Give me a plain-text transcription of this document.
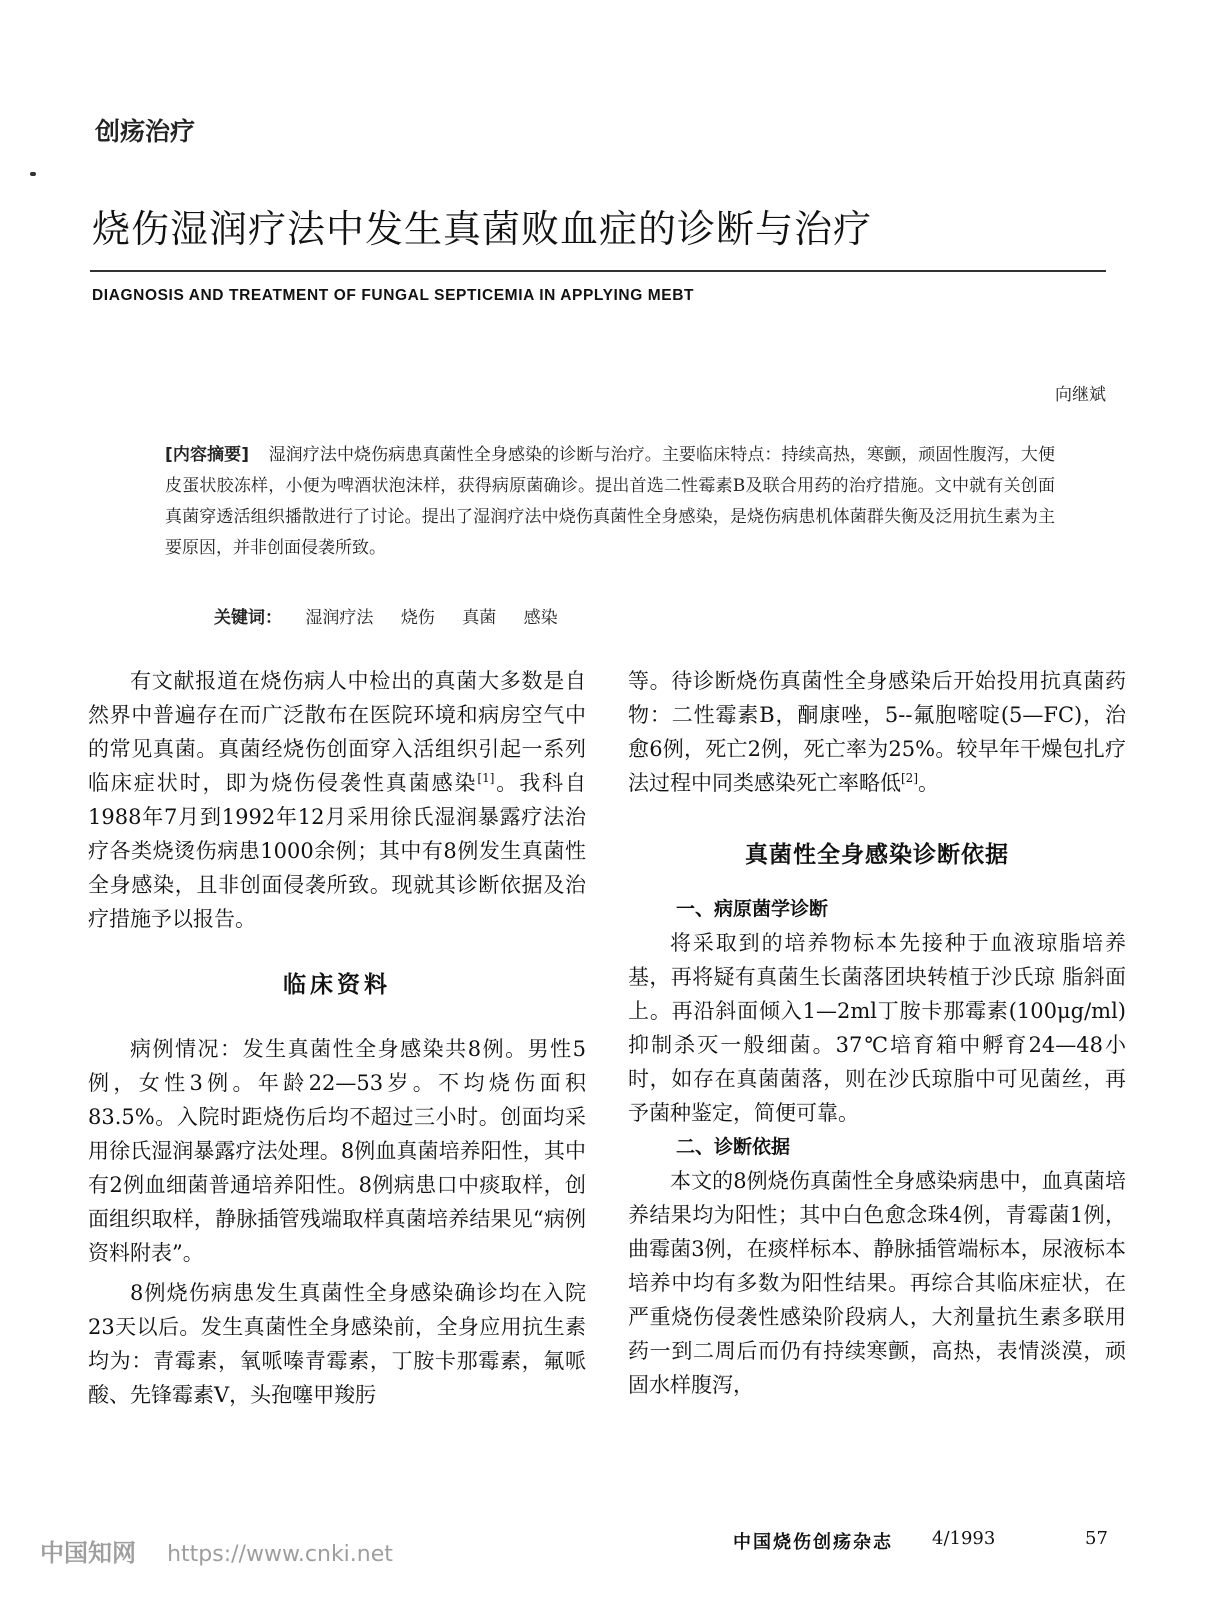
创疡治疗
烧伤湿润疗法中发生真菌败血症的诊断与治疗
DIAGNOSIS AND TREATMENT OF FUNGAL SEPTICEMIA IN APPLYING MEBT
向继斌
[内容摘要] 湿润疗法中烧伤病患真菌性全身感染的诊断与治疗。主要临床特点：持续高热，寒颤，顽固性腹泻，大便皮蛋状胶冻样，小便为啤酒状泡沫样，获得病原菌确诊。提出首选二性霉素B及联合用药的治疗措施。文中就有关创面真菌穿透活组织播散进行了讨论。提出了湿润疗法中烧伤真菌性全身感染，是烧伤病患机体菌群失衡及泛用抗生素为主要原因，并非创面侵袭所致。
关键词： 湿润疗法 烧伤 真菌 感染

有文献报道在烧伤病人中检出的真菌大多数是自然界中普遍存在而广泛散布在医院环境和病房空气中的常见真菌。真菌经烧伤创面穿入活组织引起一系列临床症状时，即为烧伤侵袭性真菌感染[1]。我科自1988年7月到1992年12月采用徐氏湿润暴露疗法治疗各类烧烫伤病患1000余例；其中有8例发生真菌性全身感染，且非创面侵袭所致。现就其诊断依据及治疗措施予以报告。

临床资料

病例情况：发生真菌性全身感染共8例。男性5例，女性3例。年龄22—53岁。不均烧伤面积83.5%。入院时距烧伤后均不超过三小时。创面均采用徐氏湿润暴露疗法处理。8例血真菌培养阳性，其中有2例血细菌普通培养阳性。8例病患口中痰取样，创面组织取样，静脉插管残端取样真菌培养结果见“病例资料附表”。

8例烧伤病患发生真菌性全身感染确诊均在入院23天以后。发生真菌性全身感染前，全身应用抗生素均为：青霉素，氧哌嗪青霉素，丁胺卡那霉素，氟哌酸、先锋霉素V，头孢噻甲羧肟

等。待诊断烧伤真菌性全身感染后开始投用抗真菌药物：二性霉素B，酮康唑，5--氟胞嘧啶(5—FC)，治愈6例，死亡2例，死亡率为25%。较早年干燥包扎疗法过程中同类感染死亡率略低[2]。

真菌性全身感染诊断依据
一、病原菌学诊断

将采取到的培养物标本先接种于血液琼脂培养基，再将疑有真菌生长菌落团块转植于沙氏琼 脂斜面上。再沿斜面倾入1—2ml丁胺卡那霉素(100μg/ml)抑制杀灭一般细菌。37℃培育箱中孵育24—48小时，如存在真菌菌落，则在沙氏琼脂中可见菌丝，再予菌种鉴定，简便可靠。

二、诊断依据

本文的8例烧伤真菌性全身感染病患中，血真菌培养结果均为阳性；其中白色愈念珠4例，青霉菌1例，曲霉菌3例，在痰样标本、静脉插管端标本，尿液标本培养中均有多数为阳性结果。再综合其临床症状，在严重烧伤侵袭性感染阶段病人，大剂量抗生素多联用药一到二周后而仍有持续寒颤，高热，表情淡漠，顽固水样腹泻，

中国知网 https://www.cnki.net	中国烧伤创疡杂志 4/1993	57
